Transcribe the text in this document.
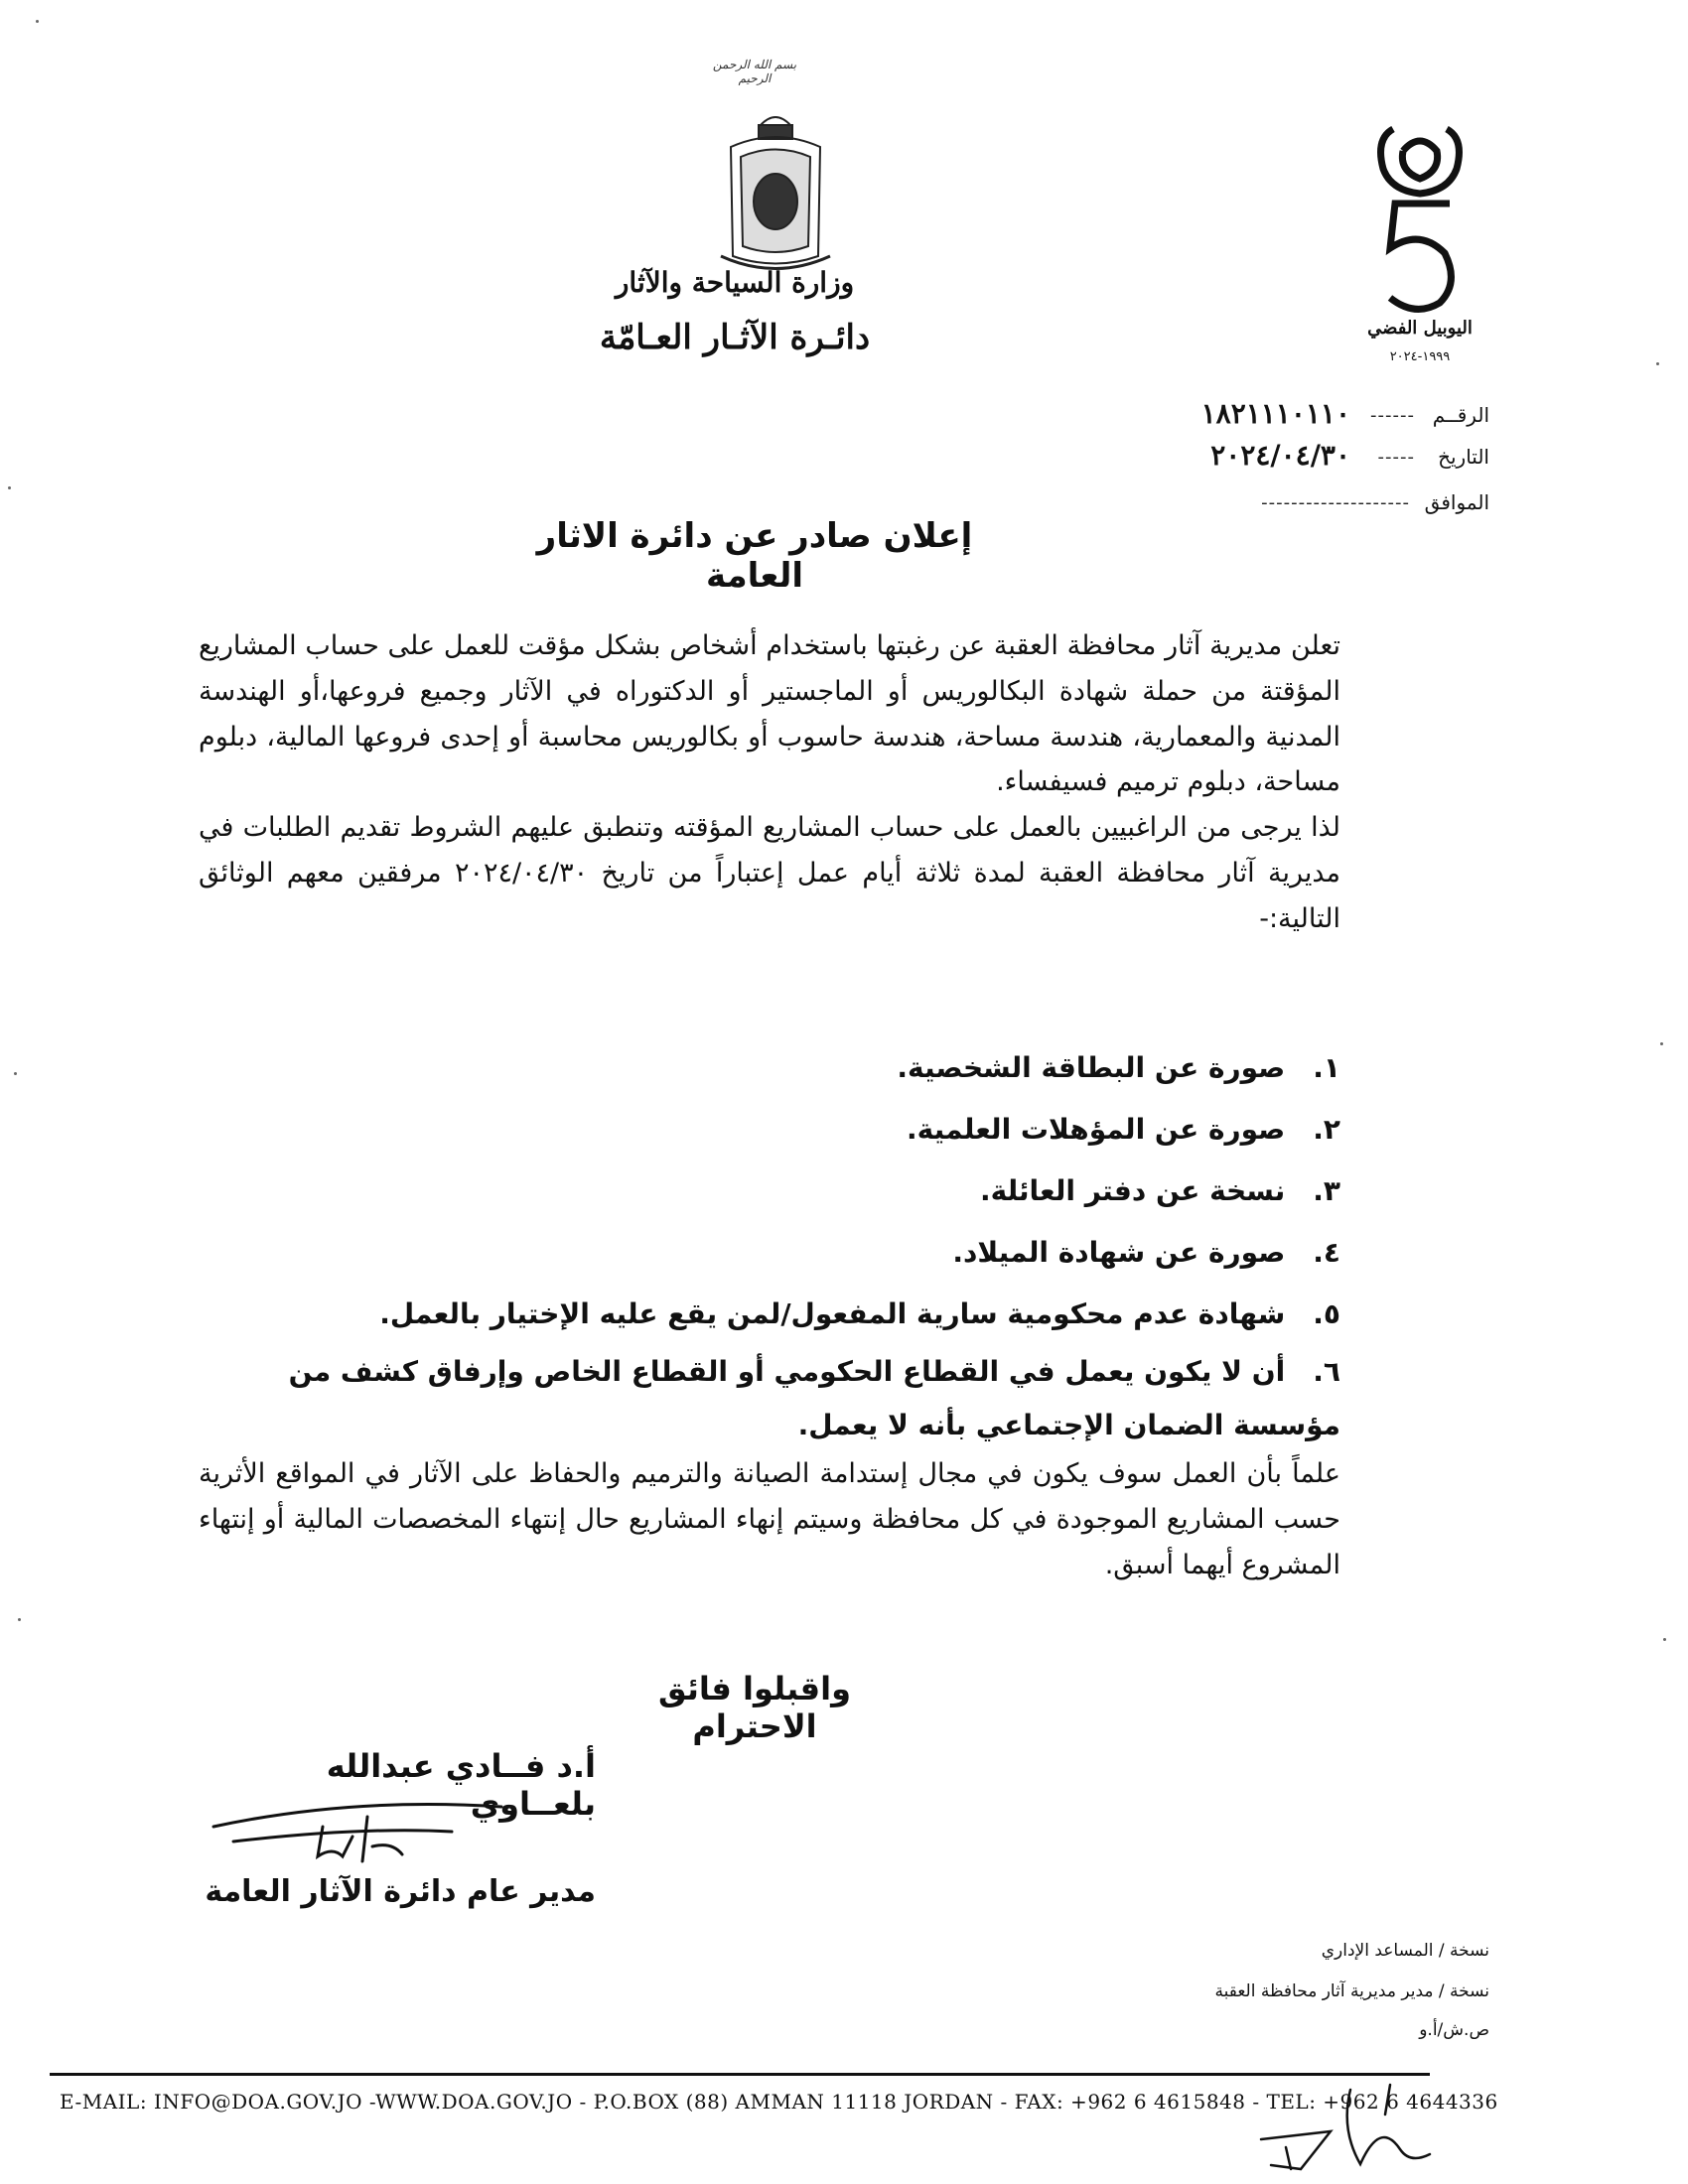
بسم الله الرحمن الرحيم
وزارة السياحة والآثار
دائـرة الآثـار العـامّة	اليوبيل الفضي
١٩٩٩-٢٠٢٤
الرقــم
------
١٨٢١١١٠١١٠
التاريخ
-----
٢٠٢٤/٠٤/٣٠
الموافق
--------------------
إعلان صادر عن دائرة الاثار العامة

تعلن مديرية آثار محافظة العقبة عن رغبتها باستخدام أشخاص بشكل مؤقت للعمل على حساب المشاريع المؤقتة من حملة شهادة البكالوريس أو الماجستير أو الدكتوراه في الآثار وجميع فروعها،أو الهندسة المدنية والمعمارية، هندسة مساحة، هندسة حاسوب أو بكالوريس محاسبة أو إحدى فروعها المالية، دبلوم مساحة، دبلوم ترميم فسيفساء.

لذا يرجى من الراغبيين بالعمل على حساب المشاريع المؤقته وتنطبق عليهم الشروط تقديم الطلبات في مديرية آثار محافظة العقبة لمدة ثلاثة أيام عمل إعتباراً من تاريخ ٢٠٢٤/٠٤/٣٠ مرفقين معهم الوثائق التالية:-

١. صورة عن البطاقة الشخصية.
٢. صورة عن المؤهلات العلمية.
٣. نسخة عن دفتر العائلة.
٤. صورة عن شهادة الميلاد.
٥. شهادة عدم محكومية سارية المفعول/لمن يقع عليه الإختيار بالعمل.
٦. أن لا يكون يعمل في القطاع الحكومي أو القطاع الخاص وإرفاق كشف من مؤسسة الضمان الإجتماعي بأنه لا يعمل.
علماً بأن العمل سوف يكون في مجال إستدامة الصيانة والترميم والحفاظ على الآثار في المواقع الأثرية حسب المشاريع الموجودة في كل محافظة وسيتم إنهاء المشاريع حال إنتهاء المخصصات المالية أو إنتهاء المشروع أيهما أسبق.
واقبلوا فائق الاحترام
أ.د فــادي عبدالله بلعــاوي
مدير عام دائرة الآثار العامة
نسخة / المساعد الإداري
نسخة / مدير مديرية آثار محافظة العقبة
ص.ش/أ.و
E-MAIL: INFO@DOA.GOV.JO -WWW.DOA.GOV.JO - P.O.BOX (88) AMMAN 11118 JORDAN - FAX: +962 6 4615848 - TEL: +962 6 4644336
